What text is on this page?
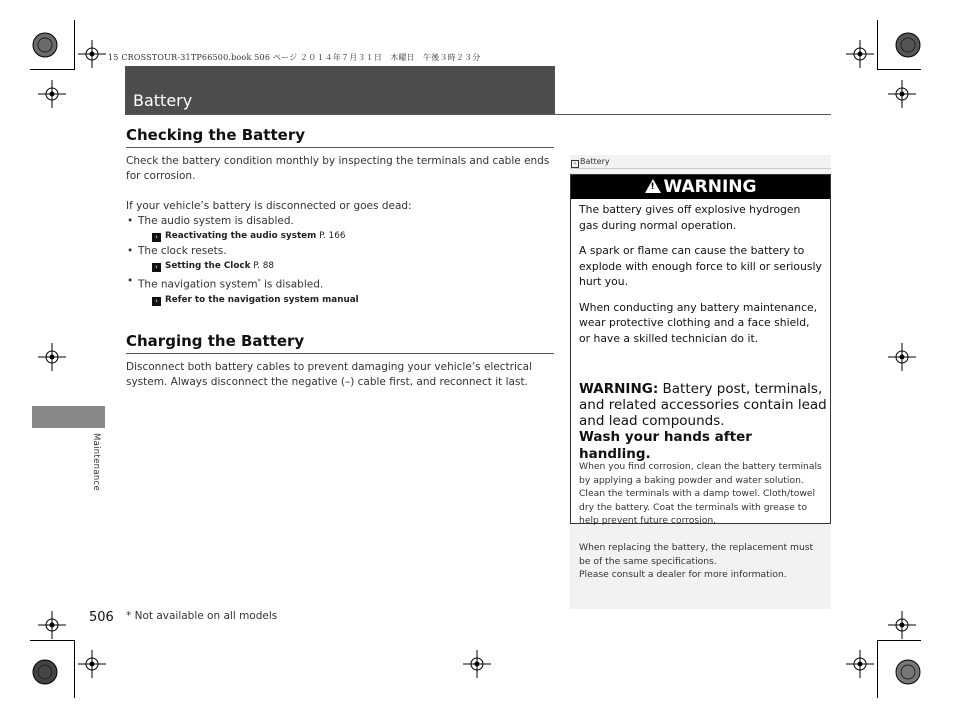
15 CROSSTOUR-31TP66500.book 506 ページ ２０１４年７月３１日　木曜日　午後３時２３分
Battery
Maintenance
Checking the Battery
Check the battery condition monthly by inspecting the terminals and cable ends for corrosion.
If your vehicle’s battery is disconnected or goes dead:
• The audio system is disabled.
› Reactivating the audio system P. 166
• The clock resets.
› Setting the Clock P. 88
• The navigation system* is disabled.
› Refer to the navigation system manual
Charging the Battery
Disconnect both battery cables to prevent damaging your vehicle’s electrical system. Always disconnect the negative (–) cable first, and reconnect it last.
› Battery
! WARNING
The battery gives off explosive hydrogen gas during normal operation.
A spark or flame can cause the battery to explode with enough force to kill or seriously hurt you.
When conducting any battery maintenance, wear protective clothing and a face shield, or have a skilled technician do it.
WARNING: Battery post, terminals, and related accessories contain lead and lead compounds.
Wash your hands after handling.
When you find corrosion, clean the battery terminals by applying a baking powder and water solution. Clean the terminals with a damp towel. Cloth/towel dry the battery. Coat the terminals with grease to help prevent future corrosion.
When replacing the battery, the replacement must be of the same specifications.
Please consult a dealer for more information.
506 * Not available on all models
